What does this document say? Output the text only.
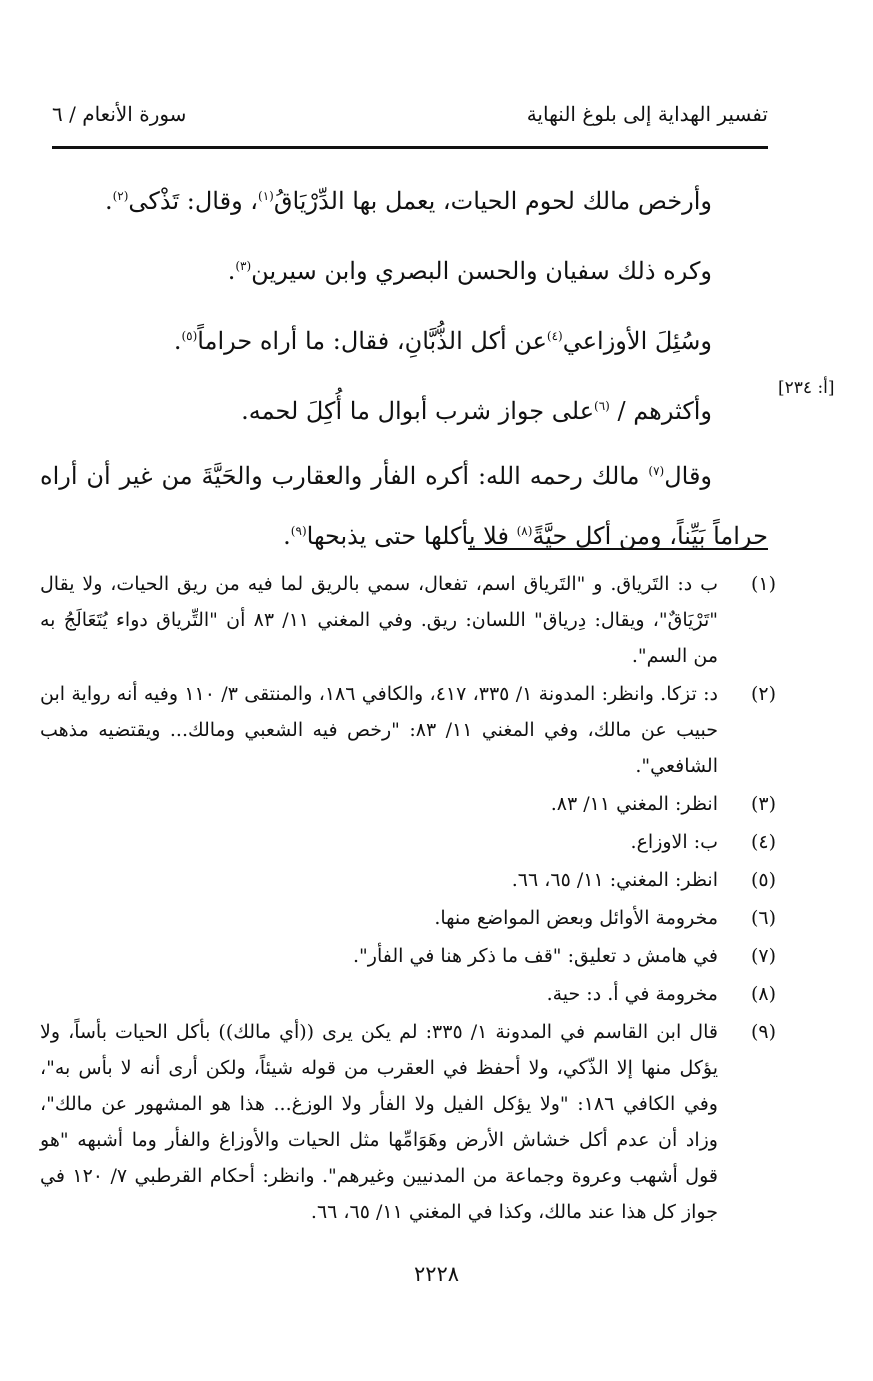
تفسير الهداية إلى بلوغ النهاية
سورة الأنعام / ٦
[أ: ٢٣٤]

وأرخص مالك لحوم الحيات، يعمل بها الدِّرْيَاقُ$^{(١)}$، وقال: تَذْكى$^{(٢)}$.

وكره ذلك سفيان والحسن البصري وابن سيرين$^{(٣)}$.

وسُئِلَ الأوزاعي$^{(٤)}$عن أكل الذُّبَّانِ، فقال: ما أراه حراماً$^{(٥)}$.

وأكثرهم / $^{(٦)}$على جواز شرب أبوال ما أُكِلَ لحمه.

وقال$^{(٧)}$ مالك رحمه الله: أكره الفأر والعقارب والحَيَّةَ من غير أن أراه حراماً بَيِّناً، ومن أكل حيَّةً$^{(٨)}$ فلا يأكلها حتى يذبحها$^{(٩)}$.

(١)
ب د: التَرياق. و "التَرياق اسم، تفعال، سمي بالريق لما فيه من ريق الحيات، ولا يقال "تَرْيَاقٌ"، ويقال: دِرياق" اللسان: ريق. وفي المغني ١١/ ٨٣ أن "التِّرياق دواء يُتَعَالَجُ به من السم".
(٢)
د: تزكا. وانظر: المدونة ١/ ٣٣٥، ٤١٧، والكافي ١٨٦، والمنتقى ٣/ ١١٠ وفيه أنه رواية ابن حبيب عن مالك، وفي المغني ١١/ ٨٣: "رخص فيه الشعبي ومالك... ويقتضيه مذهب الشافعي".
(٣)
انظر: المغني ١١/ ٨٣.
(٤)
ب: الاوزاع.
(٥)
انظر: المغني: ١١/ ٦٥، ٦٦.
(٦)
مخرومة الأوائل وبعض المواضع منها.
(٧)
في هامش د تعليق: "قف ما ذكر هنا في الفأر".
(٨)
مخرومة في أ. د: حية.
(٩)
قال ابن القاسم في المدونة ١/ ٣٣٥: لم يكن يرى ((أي مالك)) بأكل الحيات بأساً، ولا يؤكل منها إلا الذّكي، ولا أحفظ في العقرب من قوله شيئاً، ولكن أرى أنه لا بأس به"، وفي الكافي ١٨٦: "ولا يؤكل الفيل ولا الفأر ولا الوزغ... هذا هو المشهور عن مالك"، وزاد أن عدم أكل خشاش الأرض وهَوَامِّها مثل الحيات والأوزاغ والفأر وما أشبهه "هو قول أشهب وعروة وجماعة من المدنيين وغيرهم". وانظر: أحكام القرطبي ٧/ ١٢٠ في جواز كل هذا عند مالك، وكذا في المغني ١١/ ٦٥، ٦٦.
٢٢٢٨
